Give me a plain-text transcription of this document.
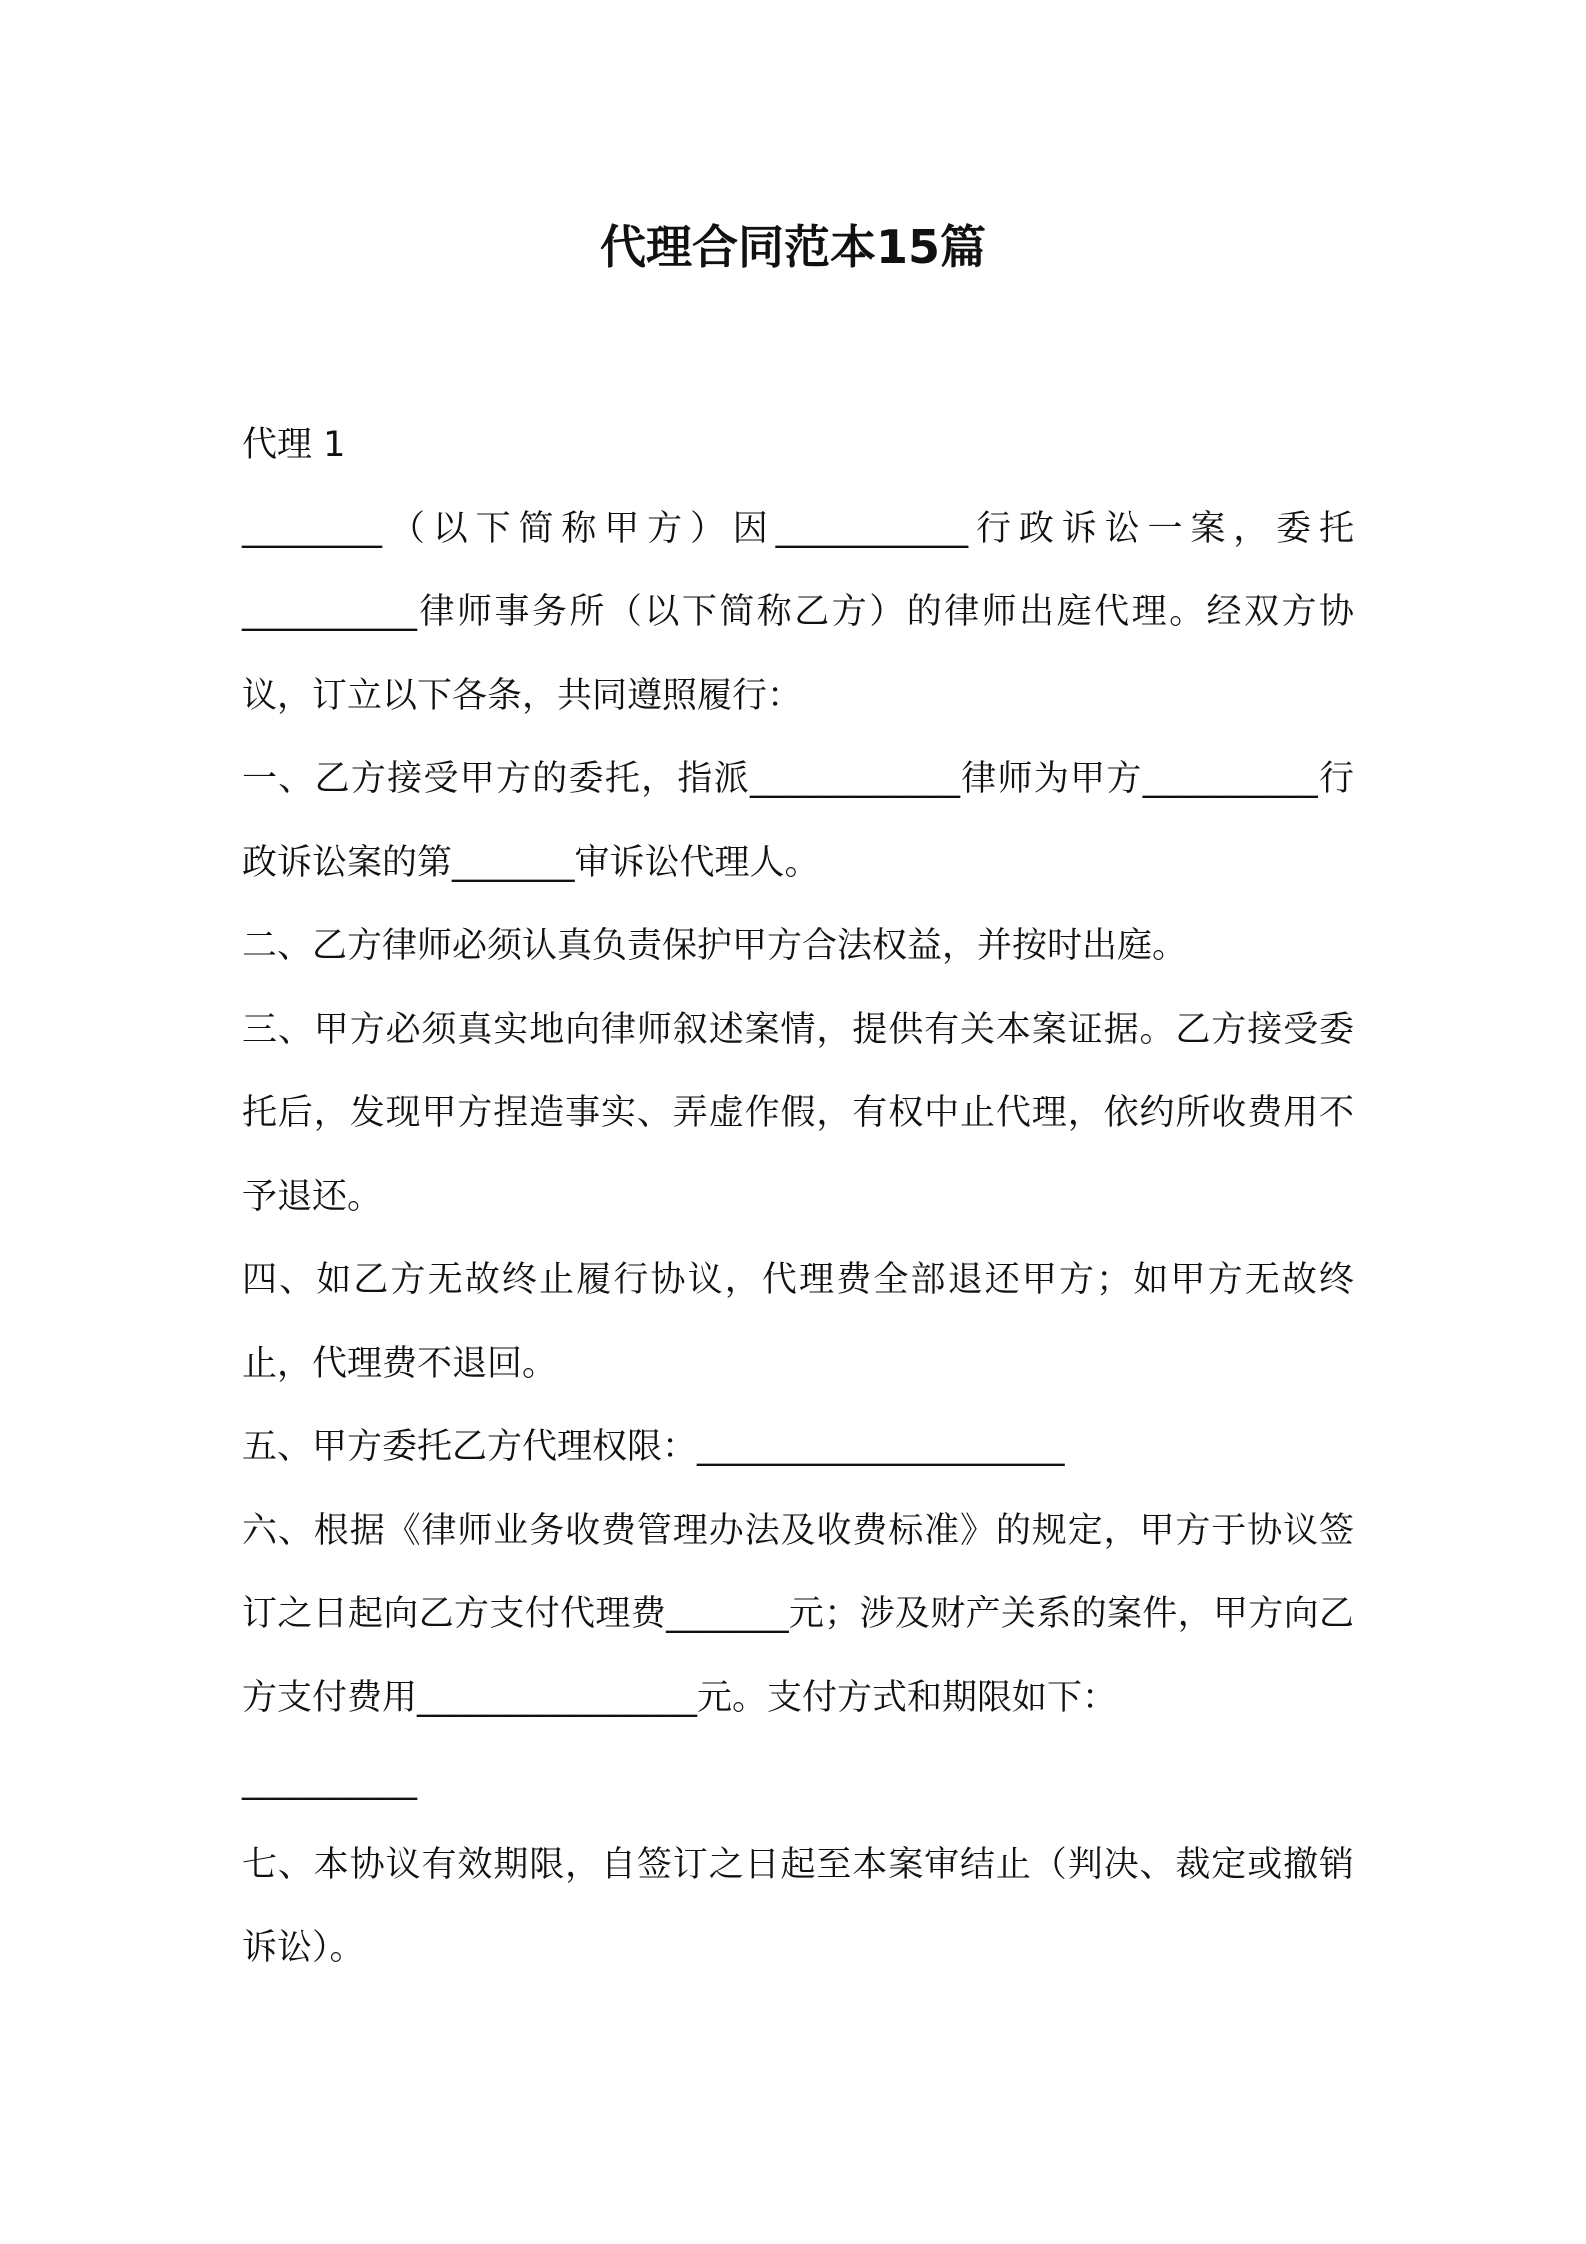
代理合同范本15篇

代理 1

________（以下简称甲方）因___________行政诉讼一案，委托__________律师事务所（以下简称乙方）的律师出庭代理。经双方协议，订立以下各条，共同遵照履行：

一、乙方接受甲方的委托，指派____________律师为甲方__________行政诉讼案的第_______审诉讼代理人。

二、乙方律师必须认真负责保护甲方合法权益，并按时出庭。

三、甲方必须真实地向律师叙述案情，提供有关本案证据。乙方接受委托后，发现甲方捏造事实、弄虚作假，有权中止代理，依约所收费用不予退还。

四、如乙方无故终止履行协议，代理费全部退还甲方；如甲方无故终止，代理费不退回。

五、甲方委托乙方代理权限：_____________________

六、根据《律师业务收费管理办法及收费标准》的规定，甲方于协议签订之日起向乙方支付代理费_______元；涉及财产关系的案件，甲方向乙方支付费用________________元。支付方式和期限如下：

__________

七、本协议有效期限，自签订之日起至本案审结止（判决、裁定或撤销诉讼）。
